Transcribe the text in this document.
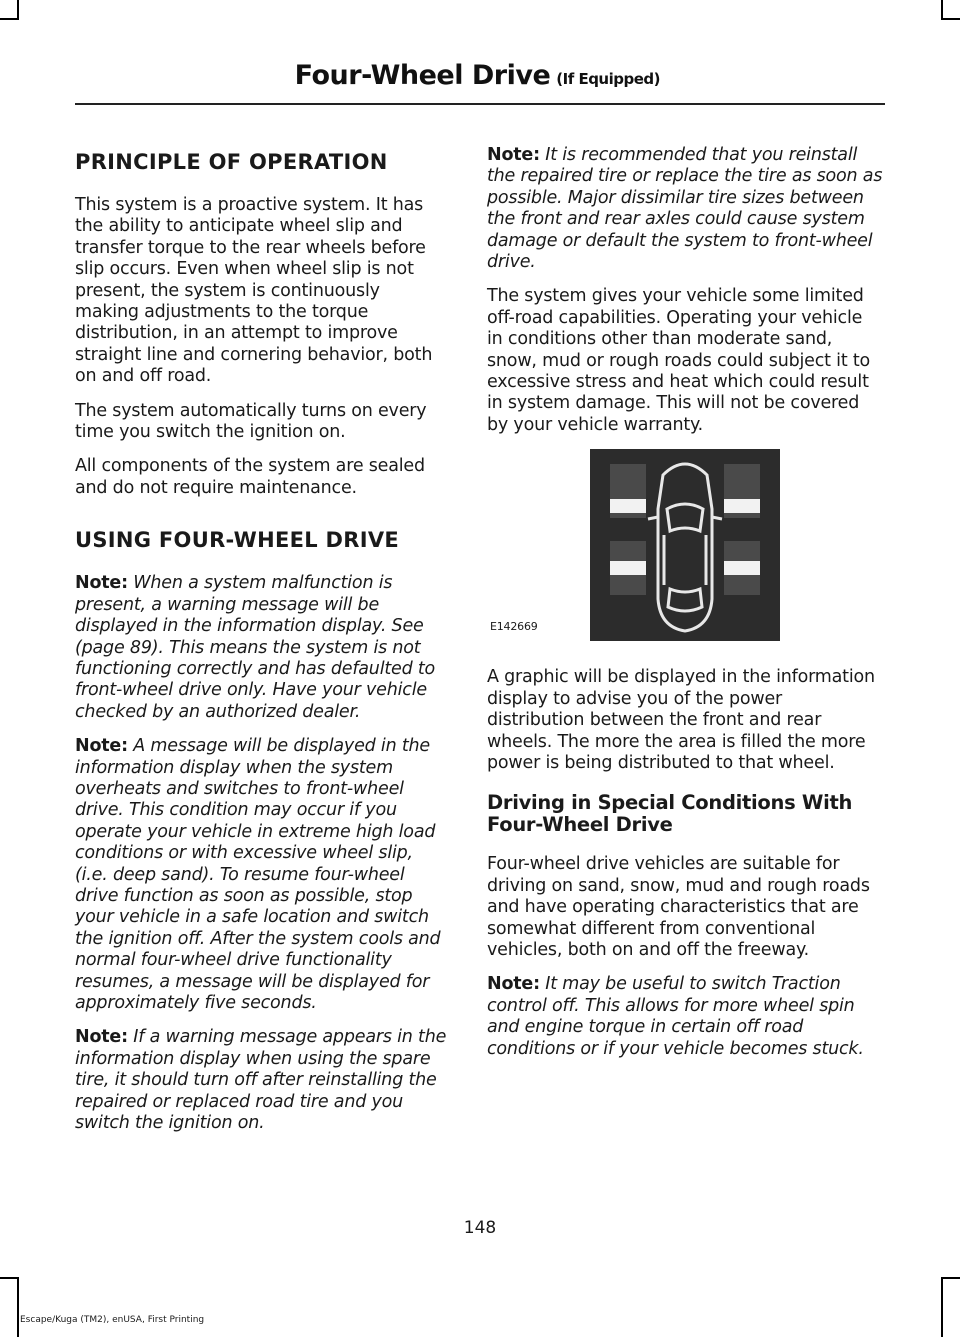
Four-Wheel Drive (If Equipped)
PRINCIPLE OF OPERATION

This system is a proactive system. It has the ability to anticipate wheel slip and transfer torque to the rear wheels before slip occurs. Even when wheel slip is not present, the system is continuously making adjustments to the torque distribution, in an attempt to improve straight line and cornering behavior, both on and off road.

The system automatically turns on every time you switch the ignition on.

All components of the system are sealed and do not require maintenance.

USING FOUR-WHEEL DRIVE

Note: When a system malfunction is present, a warning message will be displayed in the information display. See (page 89). This means the system is not functioning correctly and has defaulted to front-wheel drive only. Have your vehicle checked by an authorized dealer.

Note: A message will be displayed in the information display when the system overheats and switches to front-wheel drive. This condition may occur if you operate your vehicle in extreme high load conditions or with excessive wheel slip, (i.e. deep sand). To resume four-wheel drive function as soon as possible, stop your vehicle in a safe location and switch the ignition off. After the system cools and normal four-wheel drive functionality resumes, a message will be displayed for approximately five seconds.

Note: If a warning message appears in the information display when using the spare tire, it should turn off after reinstalling the repaired or replaced road tire and you switch the ignition on.

Note: It is recommended that you reinstall the repaired tire or replace the tire as soon as possible. Major dissimilar tire sizes between the front and rear axles could cause system damage or default the system to front-wheel drive.

The system gives your vehicle some limited off-road capabilities. Operating your vehicle in conditions other than moderate sand, snow, mud or rough roads could subject it to excessive stress and heat which could result in system damage. This will not be covered by your vehicle warranty.

E142669

A graphic will be displayed in the information display to advise you of the power distribution between the front and rear wheels. The more the area is filled the more power is being distributed to that wheel.

Driving in Special Conditions With Four-Wheel Drive

Four-wheel drive vehicles are suitable for driving on sand, snow, mud and rough roads and have operating characteristics that are somewhat different from conventional vehicles, both on and off the freeway.

Note: It may be useful to switch Traction control off. This allows for more wheel spin and engine torque in certain off road conditions or if your vehicle becomes stuck.

148
Escape/Kuga (TM2), enUSA, First Printing
